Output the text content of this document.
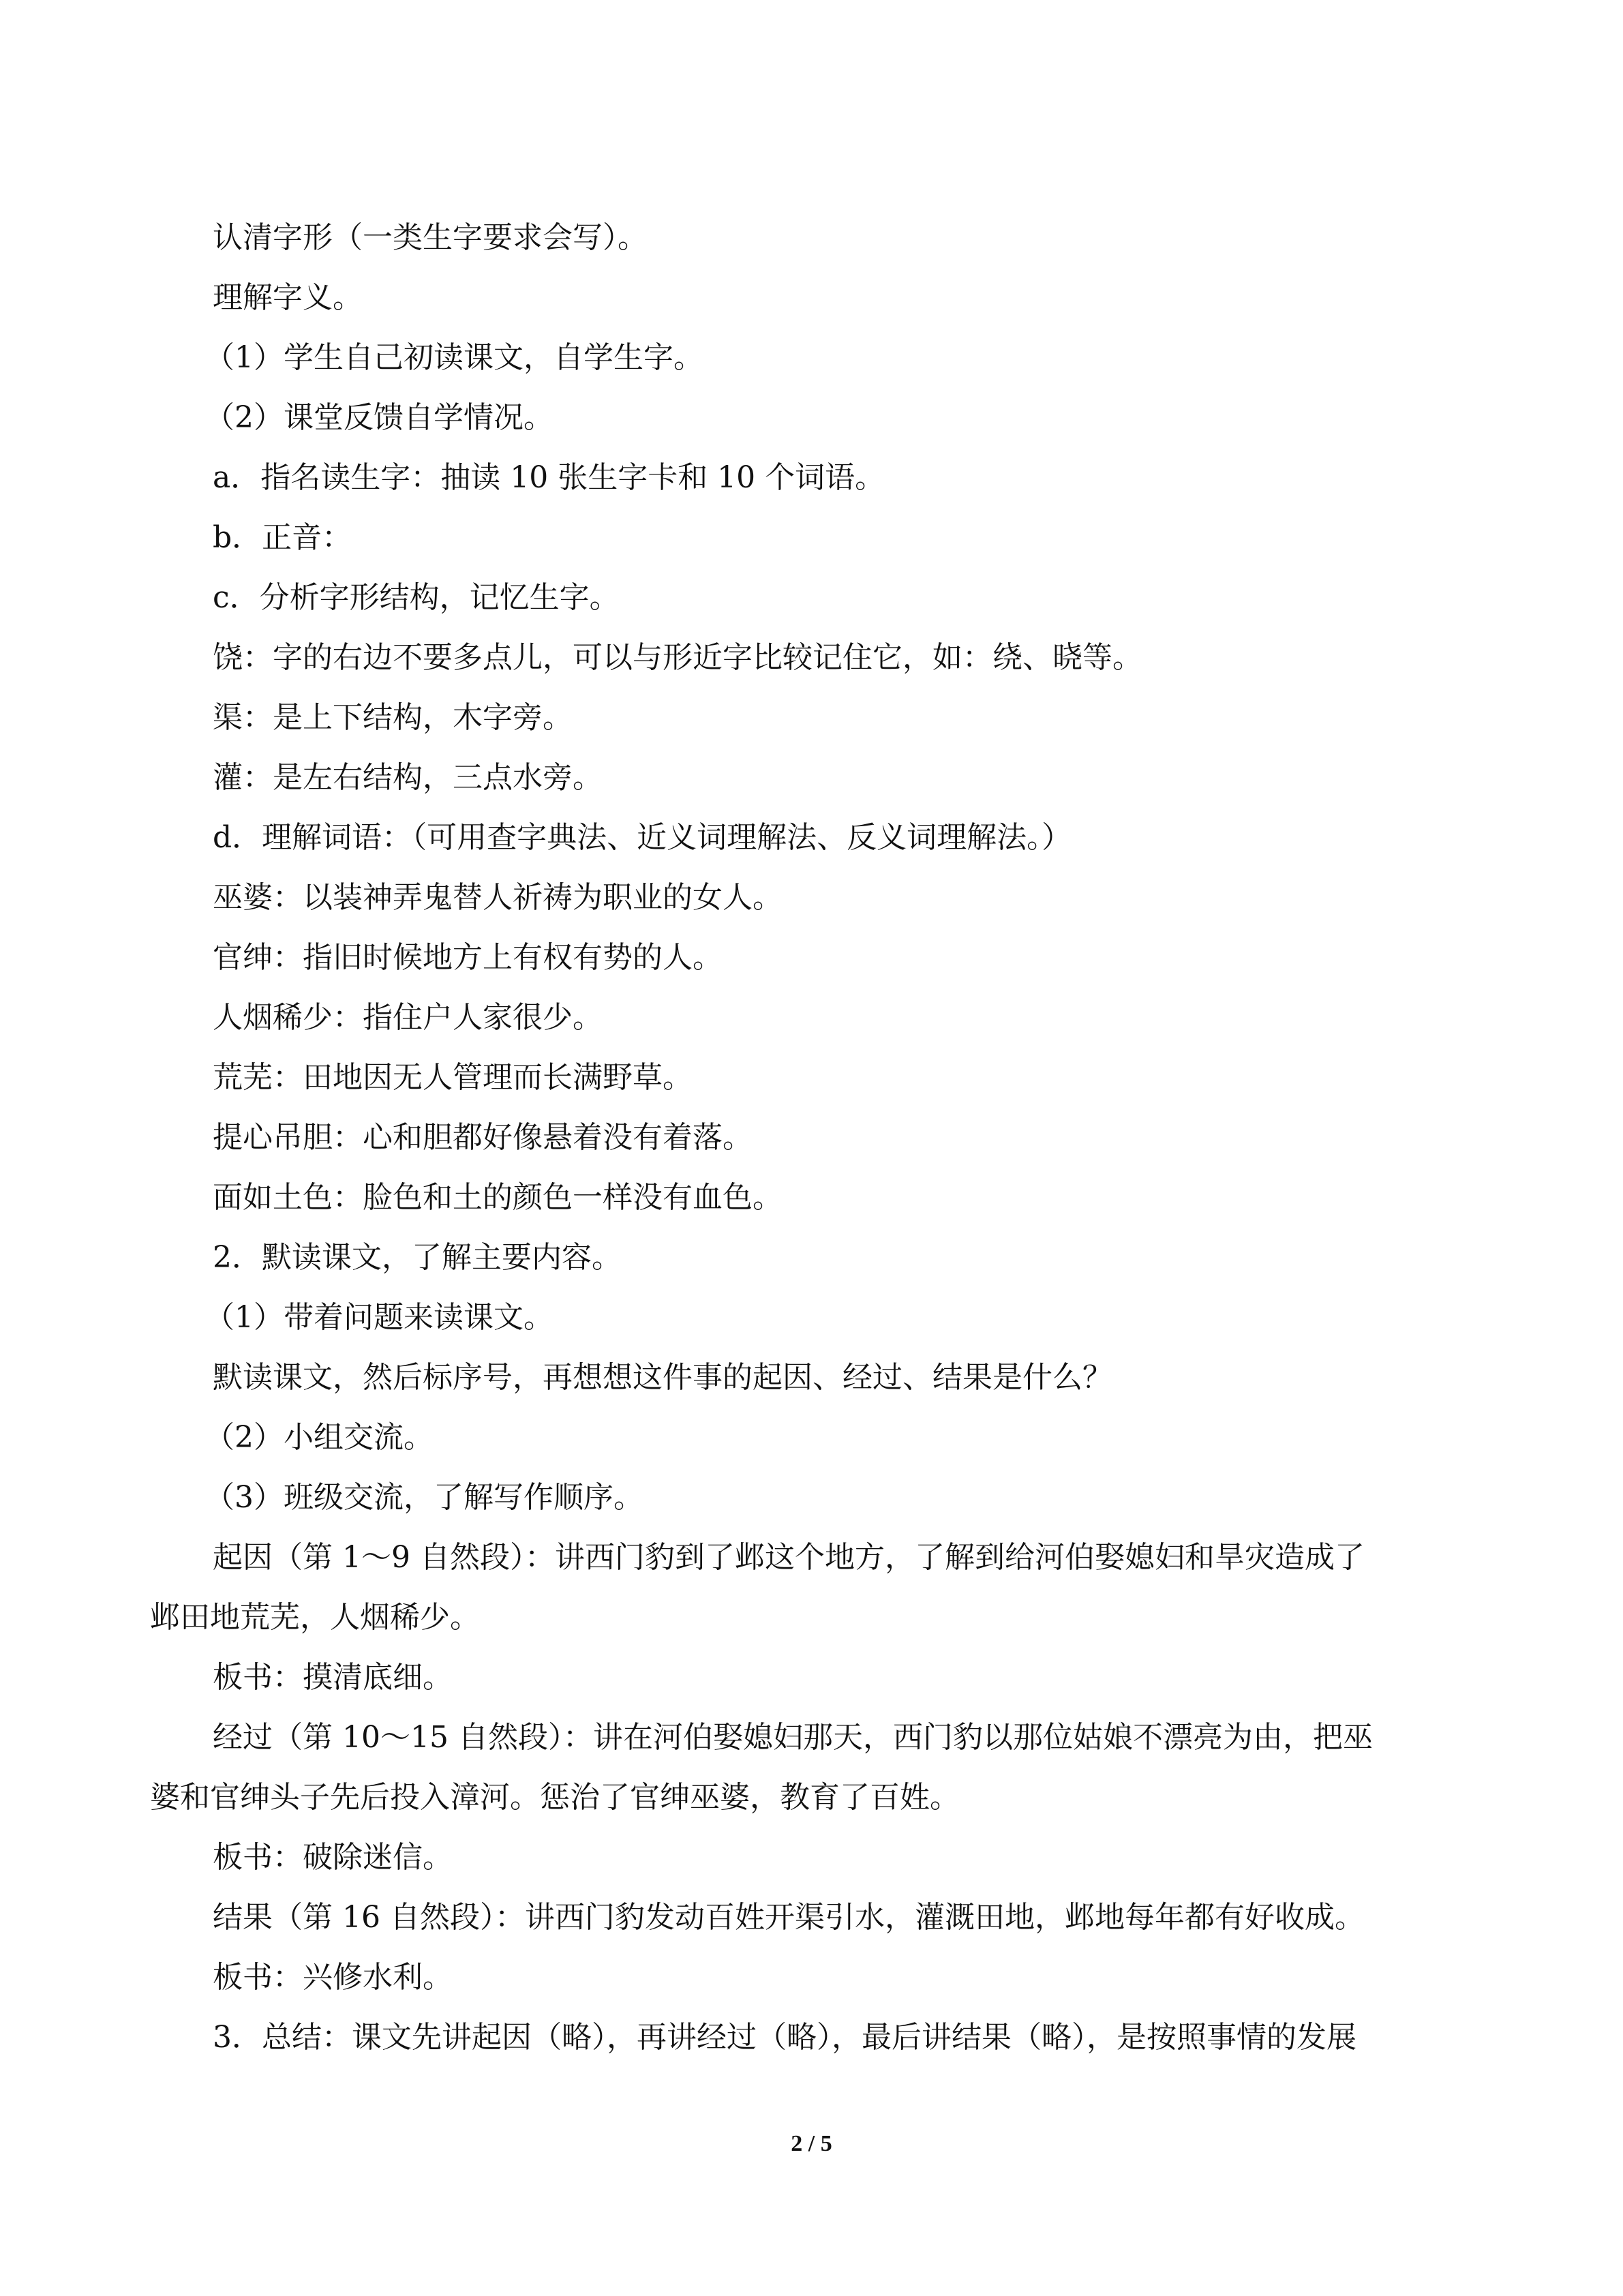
认清字形（一类生字要求会写）。
理解字义。
（1）学生自己初读课文，自学生字。
（2）课堂反馈自学情况。
a．指名读生字：抽读 10 张生字卡和 10 个词语。
b．正音：
c．分析字形结构，记忆生字。
饶：字的右边不要多点儿，可以与形近字比较记住它，如：绕、晓等。
渠：是上下结构，木字旁。
灌：是左右结构，三点水旁。
d．理解词语：（可用查字典法、近义词理解法、反义词理解法。）
巫婆：以装神弄鬼替人祈祷为职业的女人。
官绅：指旧时候地方上有权有势的人。
人烟稀少：指住户人家很少。
荒芜：田地因无人管理而长满野草。
提心吊胆：心和胆都好像悬着没有着落。
面如土色：脸色和土的颜色一样没有血色。
2．默读课文，了解主要内容。
（1）带着问题来读课文。
默读课文，然后标序号，再想想这件事的起因、经过、结果是什么？
（2）小组交流。
（3）班级交流，了解写作顺序。
起因（第 1～9 自然段）：讲西门豹到了邺这个地方，了解到给河伯娶媳妇和旱灾造成了
邺田地荒芜，人烟稀少。
板书：摸清底细。
经过（第 10～15 自然段）：讲在河伯娶媳妇那天，西门豹以那位姑娘不漂亮为由，把巫
婆和官绅头子先后投入漳河。惩治了官绅巫婆，教育了百姓。
板书：破除迷信。
结果（第 16 自然段）：讲西门豹发动百姓开渠引水，灌溉田地，邺地每年都有好收成。
板书：兴修水利。
3．总结：课文先讲起因（略），再讲经过（略），最后讲结果（略），是按照事情的发展
2 / 5
